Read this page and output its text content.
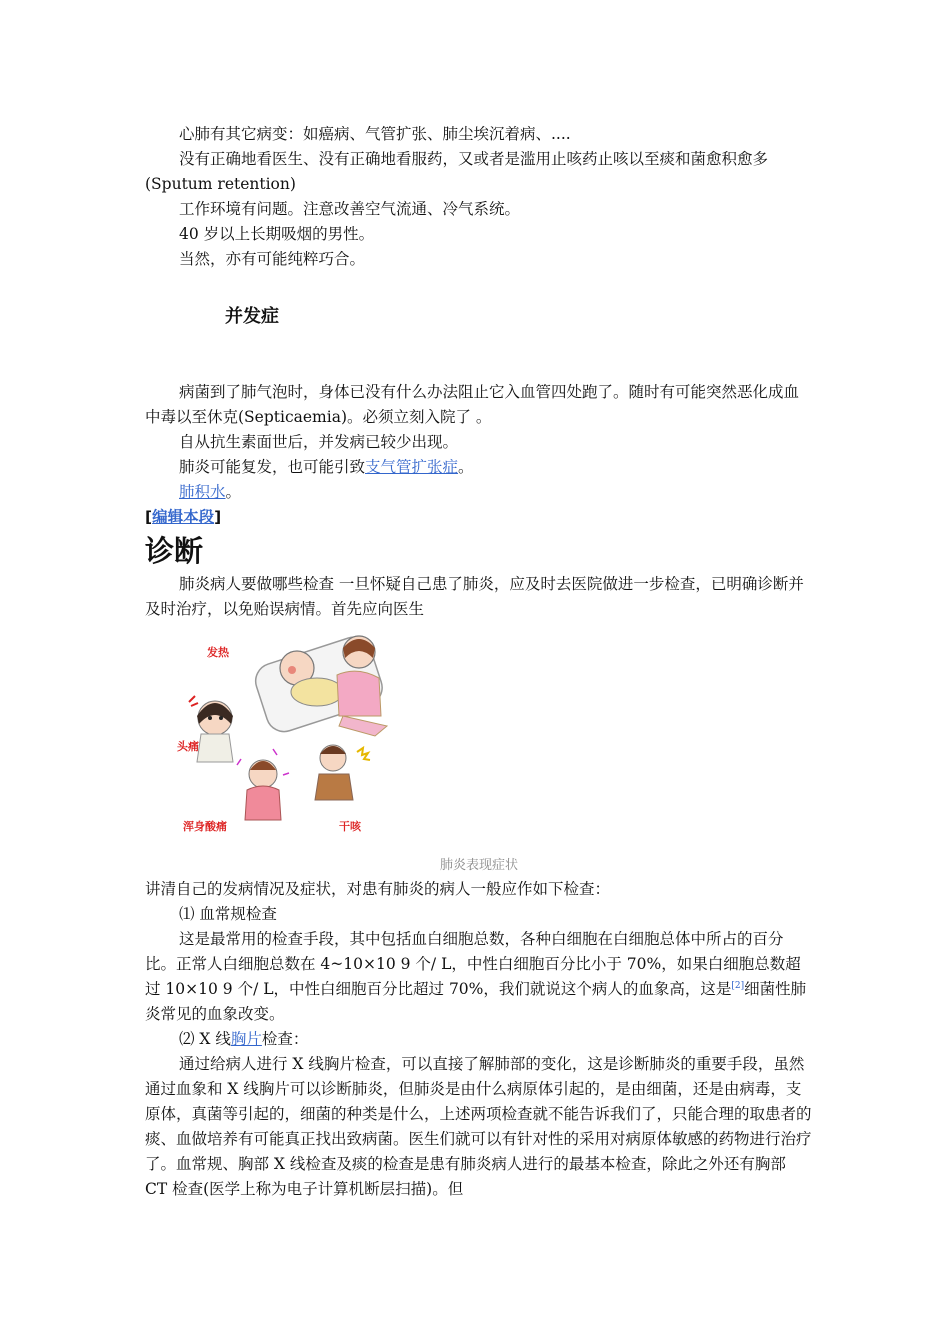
心肺有其它病变：如癌病、气管扩张、肺尘埃沉着病、....

没有正确地看医生、没有正确地看服药，又或者是滥用止咳药止咳以至痰和菌愈积愈多(Sputum retention)

工作环境有问题。注意改善空气流通、冷气系统。

40 岁以上长期吸烟的男性。

当然，亦有可能纯粹巧合。

并发症

病菌到了肺气泡时，身体已没有什么办法阻止它入血管四处跑了。随时有可能突然恶化成血中毒以至休克(Septicaemia)。必须立刻入院了 。

自从抗生素面世后，并发病已较少出现。

肺炎可能复发，也可能引致支气管扩张症。

肺积水。

[编辑本段]
诊断

肺炎病人要做哪些检查 一旦怀疑自己患了肺炎，应及时去医院做进一步检查，已明确诊断并及时治疗，以免贻误病情。首先应向医生

发热
头痛
浑身酸痛	干咳
肺炎表现症状

讲清自己的发病情况及症状，对患有肺炎的病人一般应作如下检查：

⑴ 血常规检查

这是最常用的检查手段，其中包括血白细胞总数，各种白细胞在白细胞总体中所占的百分比。正常人白细胞总数在 4~10×10 9 个/ L，中性白细胞百分比小于 70%，如果白细胞总数超过 10×10 9 个/ L，中性白细胞百分比超过 70%，我们就说这个病人的血象高，这是[2]细菌性肺炎常见的血象改变。

⑵ X 线胸片检查：

通过给病人进行 X 线胸片检查，可以直接了解肺部的变化，这是诊断肺炎的重要手段，虽然通过血象和 X 线胸片可以诊断肺炎，但肺炎是由什么病原体引起的，是由细菌，还是由病毒，支原体，真菌等引起的，细菌的种类是什么，上述两项检查就不能告诉我们了，只能合理的取患者的痰、血做培养有可能真正找出致病菌。医生们就可以有针对性的采用对病原体敏感的药物进行治疗了。血常规、胸部 X 线检查及痰的检查是患有肺炎病人进行的最基本检查，除此之外还有胸部 CT 检查(医学上称为电子计算机断层扫描)。但
